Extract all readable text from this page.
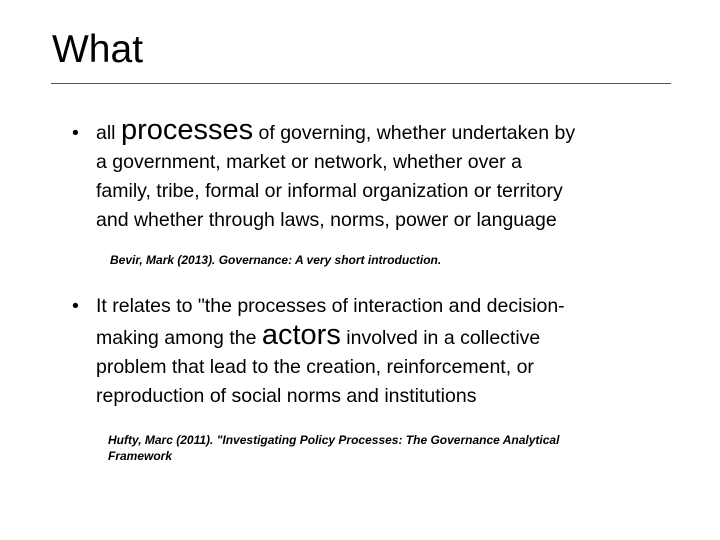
What
• all processes of governing, whether undertaken by
a government, market or network, whether over a
family, tribe, formal or informal organization or territory
and whether through laws, norms, power or language
Bevir, Mark (2013). Governance: A very short introduction.
• It relates to "the processes of interaction and decision-
making among the actors involved in a collective
problem that lead to the creation, reinforcement, or
reproduction of social norms and institutions
Hufty, Marc (2011). "Investigating Policy Processes: The Governance Analytical
Framework
